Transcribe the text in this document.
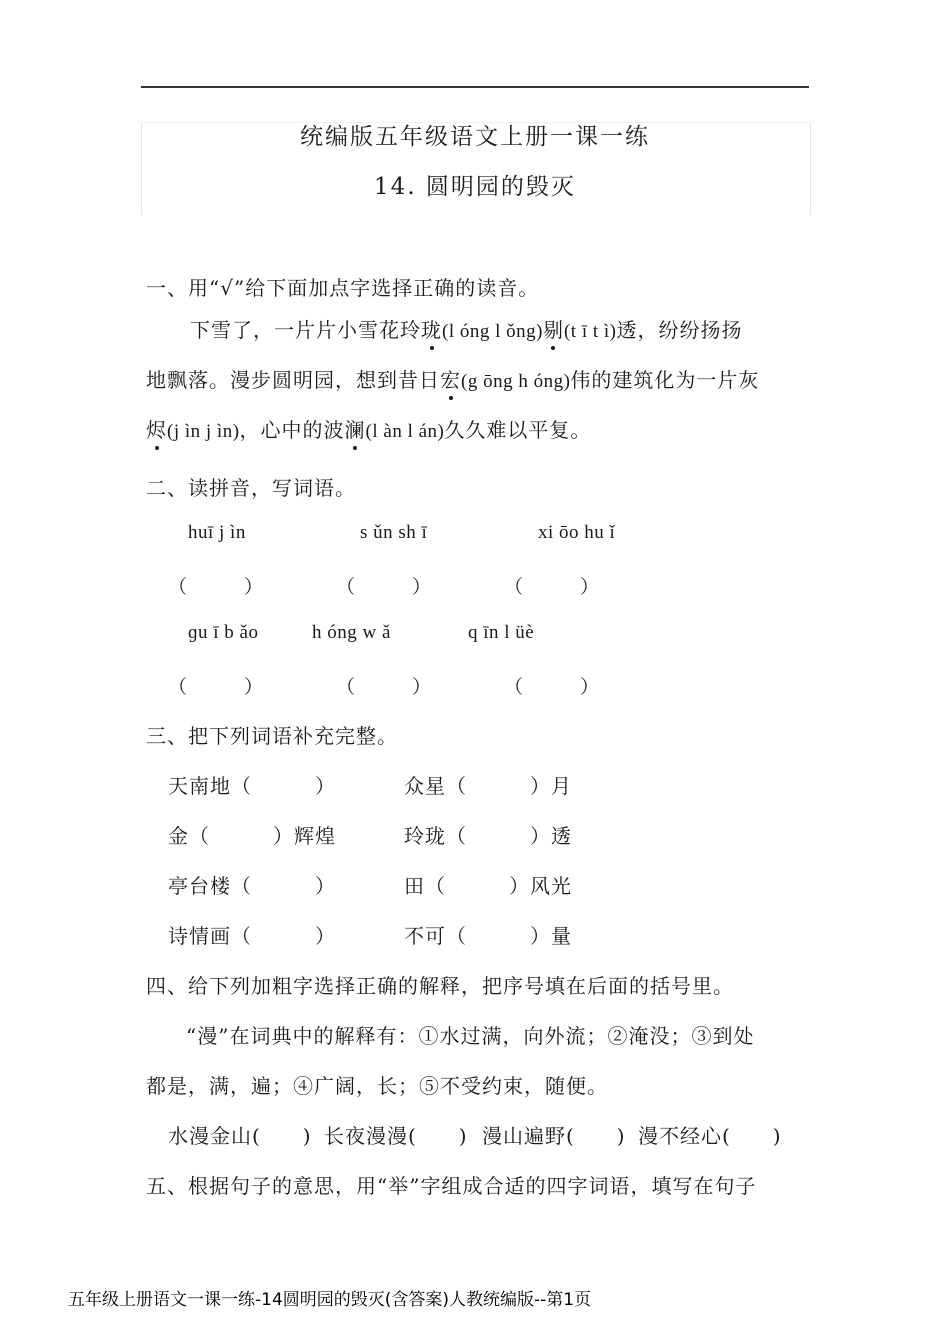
统编版五年级语文上册一课一练
14. 圆明园的毁灭
一、用“√”给下面加点字选择正确的读音。
下雪了，一片片小雪花玲珑(l óng l ǒng)剔(t ī t ì)透，纷纷扬扬
地飘落。漫步圆明园，想到昔日宏(g ōng h óng)伟的建筑化为一片灰
烬(j ìn j ìn)，心中的波澜(l àn l án)久久难以平复。
二、读拼音，写词语。
huī j ìn	s ǔn sh ī	xi ōo hu ǐ
（　　　）	（　　　）	（　　　）
ɡu ī b ǎo	h óng w ǎ	q īn l üè
（　　　）	（　　　）	（　　　）
三、把下列词语补充完整。
天南地（　　　）	众星（　　　）月
金（　　　）辉煌	玲珑（　　　）透
亭台楼（　　　）	田（　　　）风光
诗情画（　　　）	不可（　　　）量
四、给下列加粗字选择正确的解释，把序号填在后面的括号里。
“漫”在词典中的解释有：①水过满，向外流；②淹没；③到处
都是，满，遍；④广阔，长；⑤不受约束，随便。
水漫金山(　　) 长夜漫漫(　　) 漫山遍野(　　) 漫不经心(　　)
五、根据句子的意思，用“举”字组成合适的四字词语，填写在句子
五年级上册语文一课一练-14圆明园的毁灭(含答案)人教统编版--第1页
